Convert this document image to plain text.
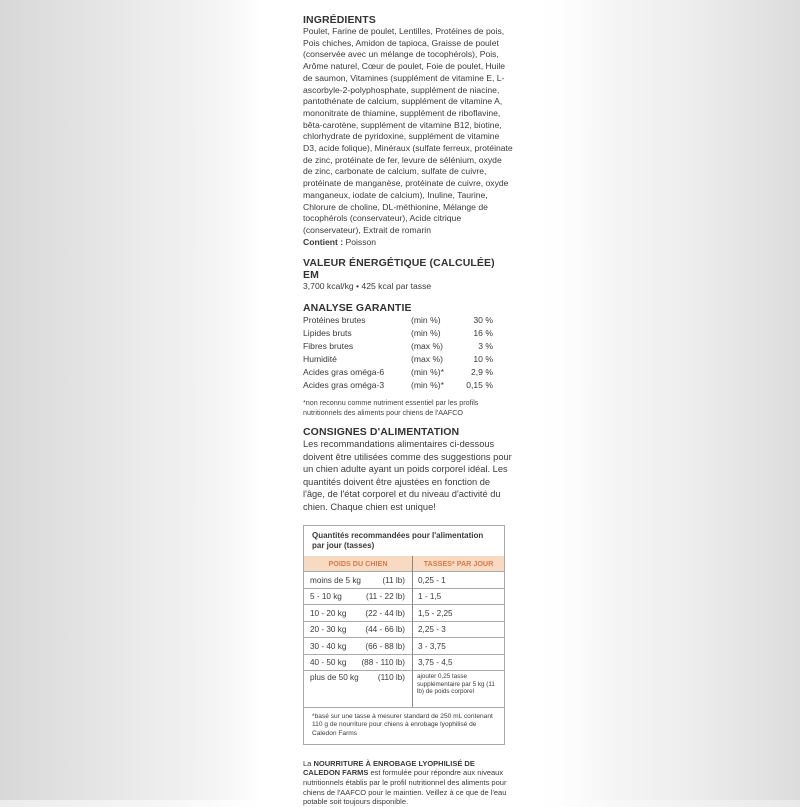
INGRÉDIENTS

Poulet, Farine de poulet, Lentilles, Protéines de pois, Pois chiches, Amidon de tapioca, Graisse de poulet (conservée avec un mélange de tocophérols), Pois, Arôme naturel, Cœur de poulet, Foie de poulet, Huile de saumon, Vitamines (supplément de vitamine E, L-ascorbyle-2-polyphosphate, supplément de niacine, pantothénate de calcium, supplément de vitamine A, mononitrate de thiamine, supplément de riboflavine, bêta-carotène, supplément de vitamine B12, biotine, chlorhydrate de pyridoxine, supplément de vitamine D3, acide folique), Minéraux (sulfate ferreux, protéinate de zinc, protéinate de fer, levure de sélénium, oxyde de zinc, carbonate de calcium, sulfate de cuivre, protéinate de manganèse, protéinate de cuivre, oxyde manganeux, iodate de calcium), Inuline, Taurine, Chlorure de choline, DL-méthionine, Mélange de tocophérols (conservateur), Acide citrique (conservateur), Extrait de romarin
Contient : Poisson

VALEUR ÉNERGÉTIQUE (CALCULÉE) EM

3,700 kcal/kg • 425 kcal par tasse

ANALYSE GARANTIE

Protéines brutes	(min %)	30 %
Lipides bruts	(min %)	16 %
Fibres brutes	(max %)	3 %
Humidité	(max %)	10 %
Acides gras oméga-6	(min %)*	2,9 %
Acides gras oméga-3	(min %)*	0,15 %
*non reconnu comme nutriment essentiel par les profils nutritionnels des aliments pour chiens de l'AAFCO

CONSIGNES D'ALIMENTATION

Les recommandations alimentaires ci-dessous doivent être utilisées comme des suggestions pour un chien adulte ayant un poids corporel idéal. Les quantités doivent être ajustées en fonction de l'âge, de l'état corporel et du niveau d'activité du chien. Chaque chien est unique!

Quantités recommandées pour l'alimentation par jour (tasses)
POIDS DU CHIEN	TASSES* PAR JOUR

moins de 5 kg (11 lb)	0,25 - 1

5 - 10 kg (11 - 22 lb)	1 - 1,5

10 - 20 kg (22 - 44 lb)	1,5 - 2,25

20 - 30 kg (44 - 66 lb)	2,25 - 3

30 - 40 kg (66 - 88 lb)	3 - 3,75

40 - 50 kg (88 - 110 lb)	3,75 - 4,5

plus de 50 kg (110 lb)	ajouter 0,25 tasse supplémentaire par 5 kg (11 lb) de poids corporel
*basé sur une tasse à mesurer standard de 250 mL contenant 110 g de nourriture pour chiens à enrobage lyophilisé de Caledon Farms
La NOURRITURE À ENROBAGE LYOPHILISÉ DE CALEDON FARMS est formulée pour répondre aux niveaux nutritionnels établis par le profil nutritionnel des aliments pour chiens de l'AAFCO pour le maintien. Veillez à ce que de l'eau potable soit toujours disponible.
